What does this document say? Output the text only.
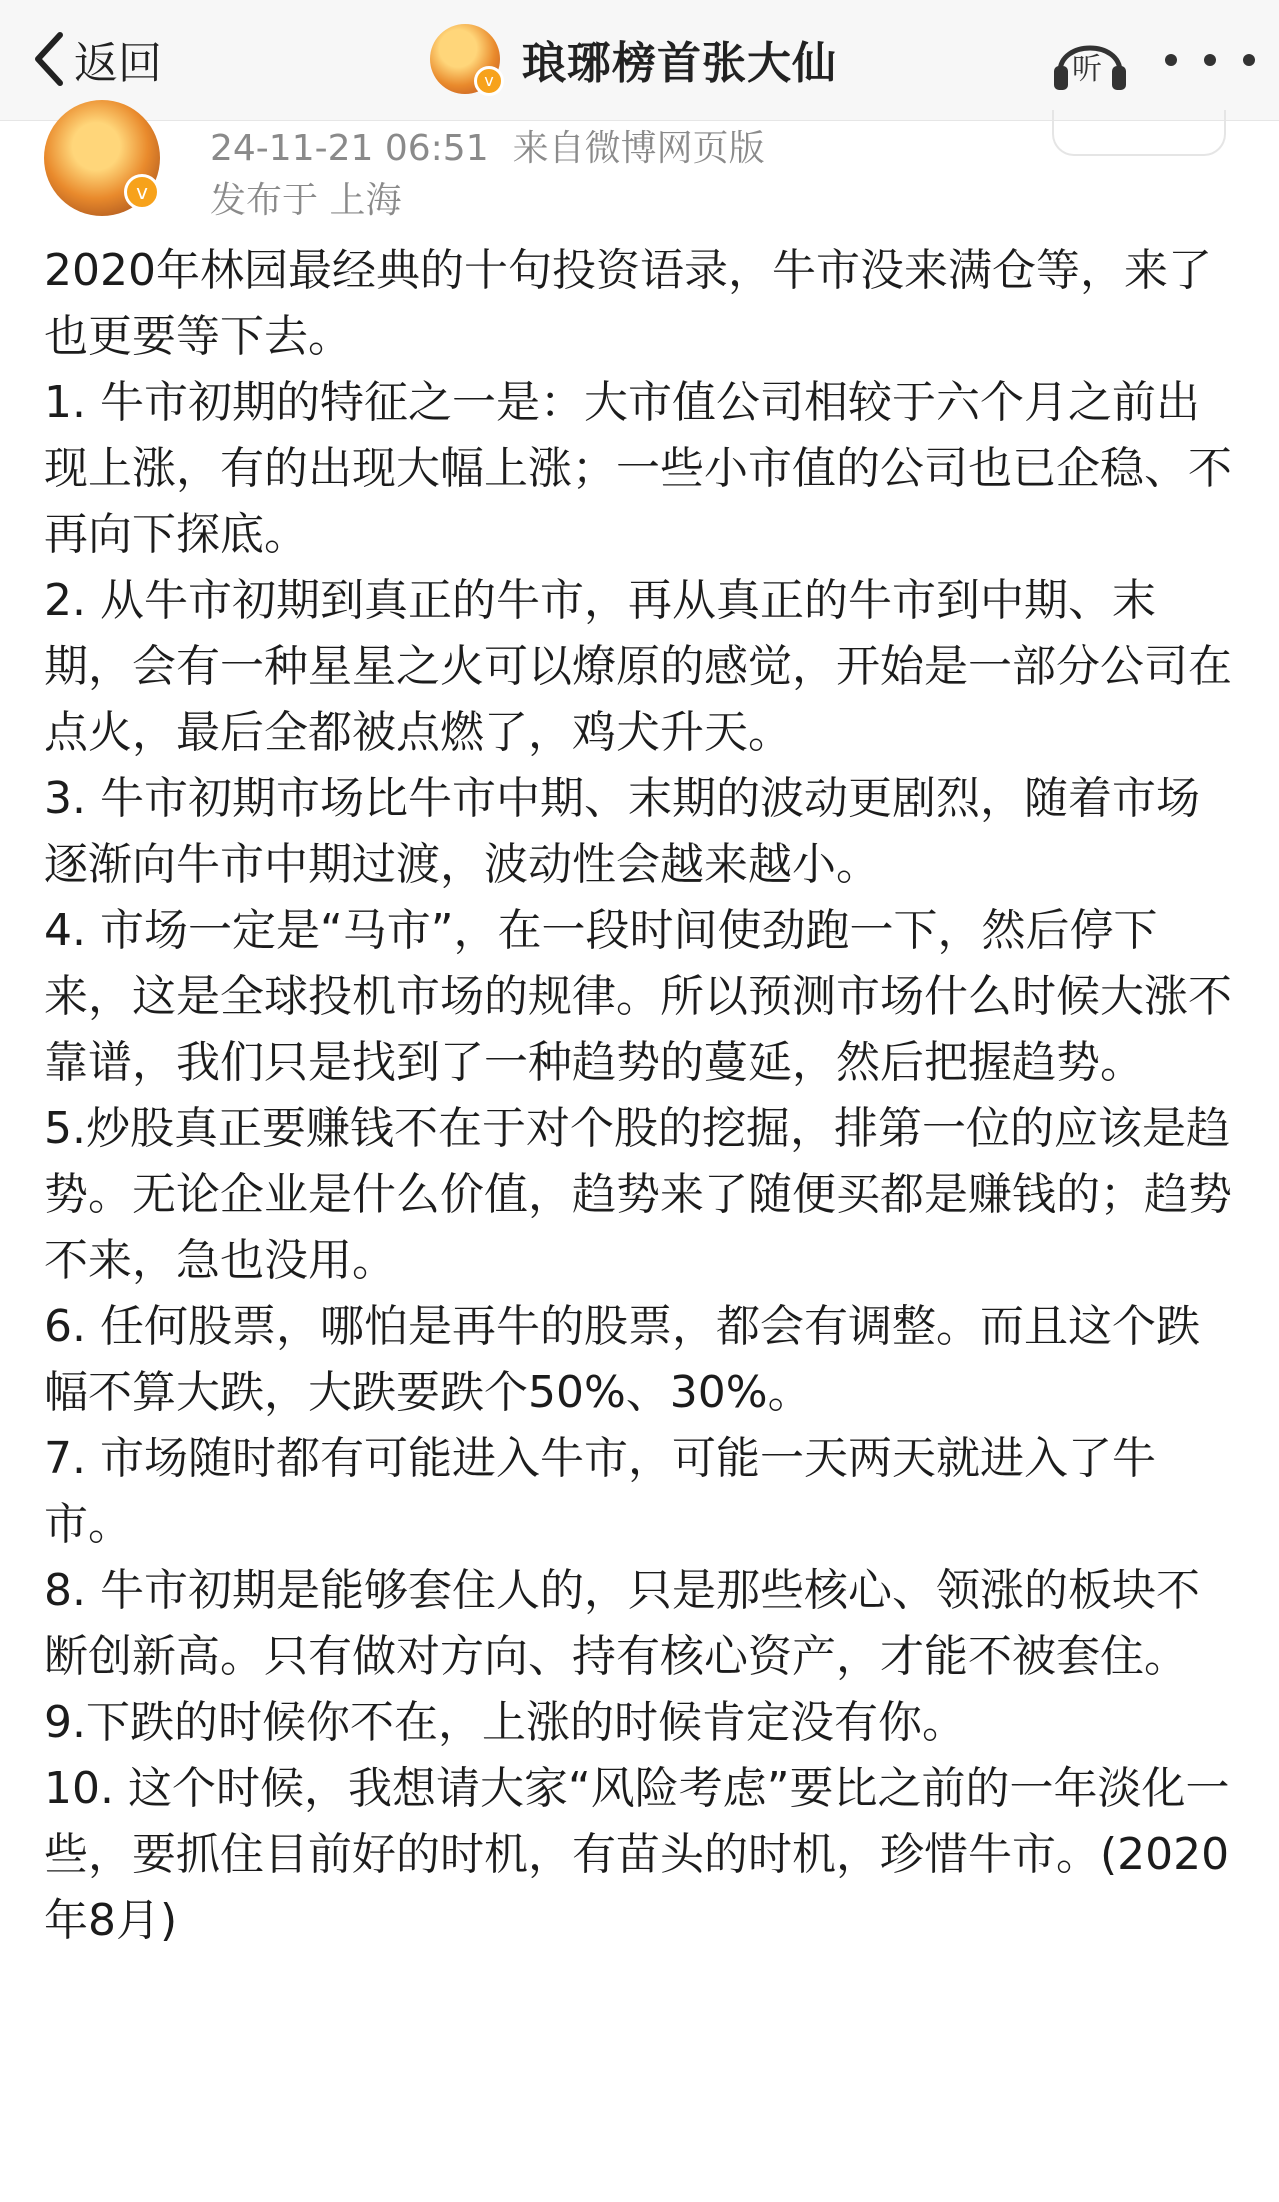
返回	v 琅琊榜首张大仙	听
v
24-11-21 06:51 来自微博网页版
发布于 上海

2020年林园最经典的十句投资语录，牛市没来满仓等，来了也更要等下去。

1. 牛市初期的特征之一是：大市值公司相较于六个月之前出现上涨，有的出现大幅上涨；一些小市值的公司也已企稳、不再向下探底。

2. 从牛市初期到真正的牛市，再从真正的牛市到中期、末期，会有一种星星之火可以燎原的感觉，开始是一部分公司在点火，最后全都被点燃了，鸡犬升天。

3. 牛市初期市场比牛市中期、末期的波动更剧烈，随着市场逐渐向牛市中期过渡，波动性会越来越小。

4. 市场一定是“马市”，在一段时间使劲跑一下，然后停下来，这是全球投机市场的规律。所以预测市场什么时候大涨不靠谱，我们只是找到了一种趋势的蔓延，然后把握趋势。

5.炒股真正要赚钱不在于对个股的挖掘，排第一位的应该是趋势。无论企业是什么价值，趋势来了随便买都是赚钱的；趋势不来，急也没用。

6. 任何股票，哪怕是再牛的股票，都会有调整。而且这个跌幅不算大跌，大跌要跌个50%、30%。

7. 市场随时都有可能进入牛市，可能一天两天就进入了牛市。

8. 牛市初期是能够套住人的，只是那些核心、领涨的板块不断创新高。只有做对方向、持有核心资产，才能不被套住。

9.下跌的时候你不在，上涨的时候肯定没有你。

10. 这个时候，我想请大家“风险考虑”要比之前的一年淡化一些，要抓住目前好的时机，有苗头的时机，珍惜牛市。(2020年8月)
